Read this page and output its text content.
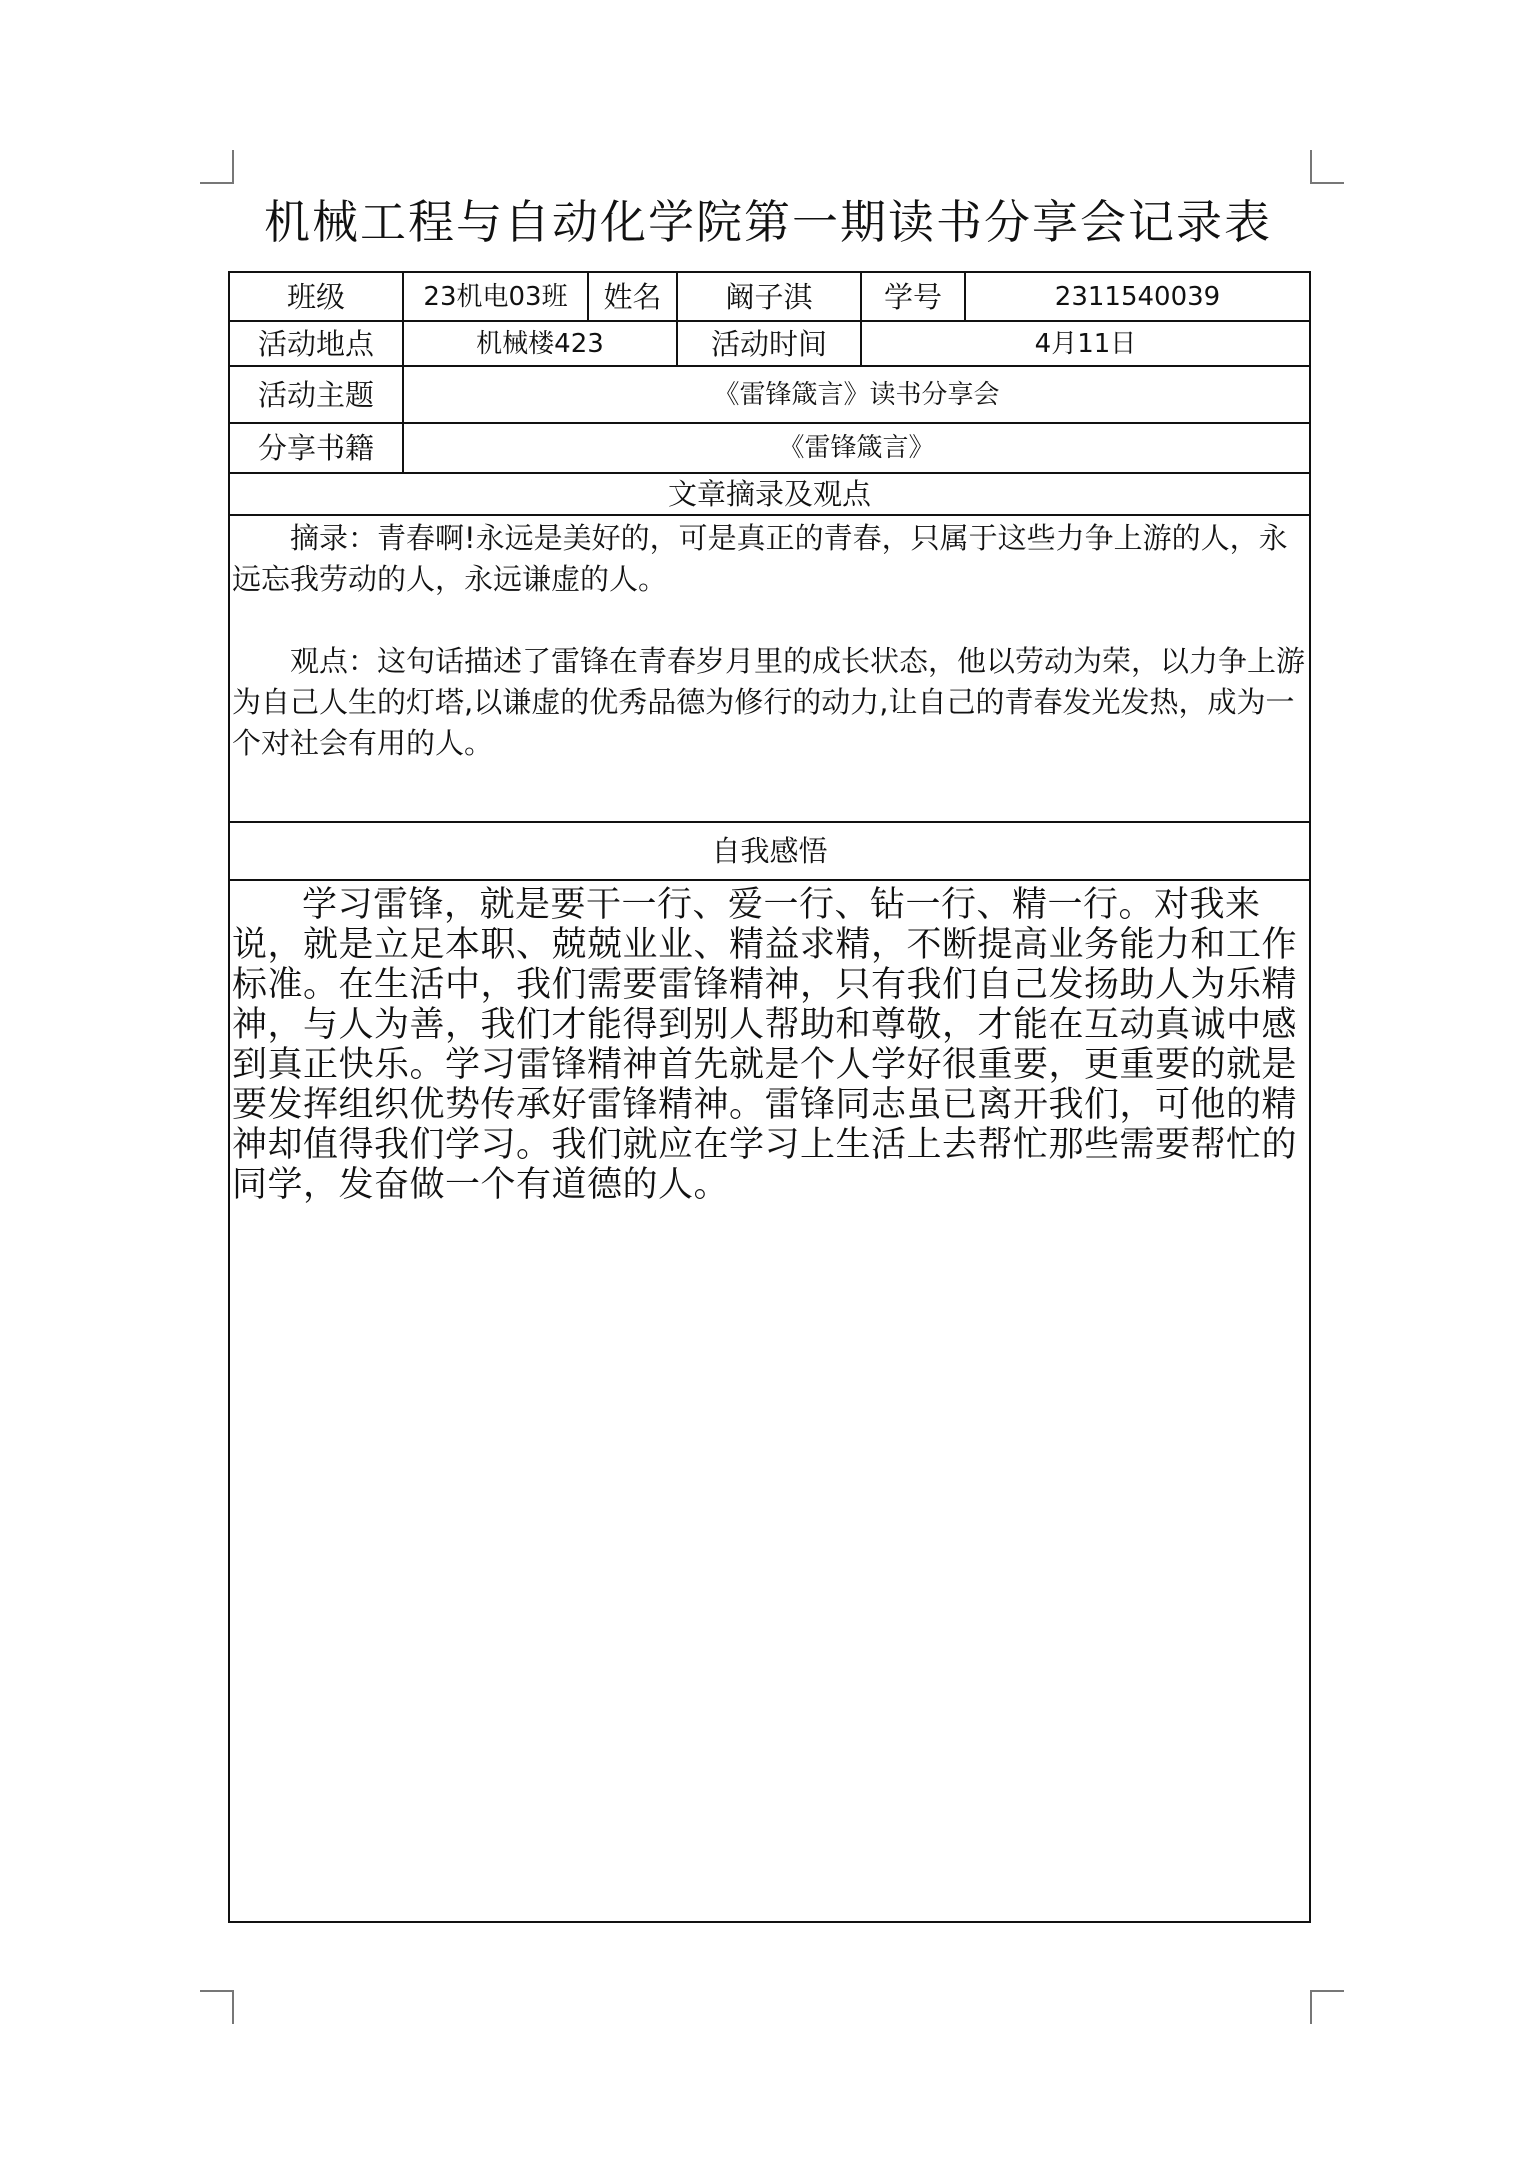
机械工程与自动化学院第一期读书分享会记录表
班级	23机电03班	姓名	阚子淇	学号	2311540039
活动地点	机械楼423		活动时间	4月11日	
活动主题	《雷锋箴言》读书分享会				
分享书籍	《雷锋箴言》				
文章摘录及观点					

摘录：青春啊!永远是美好的，可是真正的青春，只属于这些力争上游的人，永远忘我劳动的人，永远谦虚的人。

观点：这句话描述了雷锋在青春岁月里的成长状态，他以劳动为荣，以力争上游为自己人生的灯塔,以谦虚的优秀品德为修行的动力,让自己的青春发光发热，成为一个对社会有用的人。					

自我感悟					

学习雷锋，就是要干一行、爱一行、钻一行、精一行。对我来说，就是立足本职、兢兢业业、精益求精，不断提高业务能力和工作标准。在生活中，我们需要雷锋精神，只有我们自己发扬助人为乐精神，与人为善，我们才能得到别人帮助和尊敬，才能在互动真诚中感到真正快乐。学习雷锋精神首先就是个人学好很重要，更重要的就是要发挥组织优势传承好雷锋精神。雷锋同志虽已离开我们，可他的精神却值得我们学习。我们就应在学习上生活上去帮忙那些需要帮忙的同学，发奋做一个有道德的人。					
